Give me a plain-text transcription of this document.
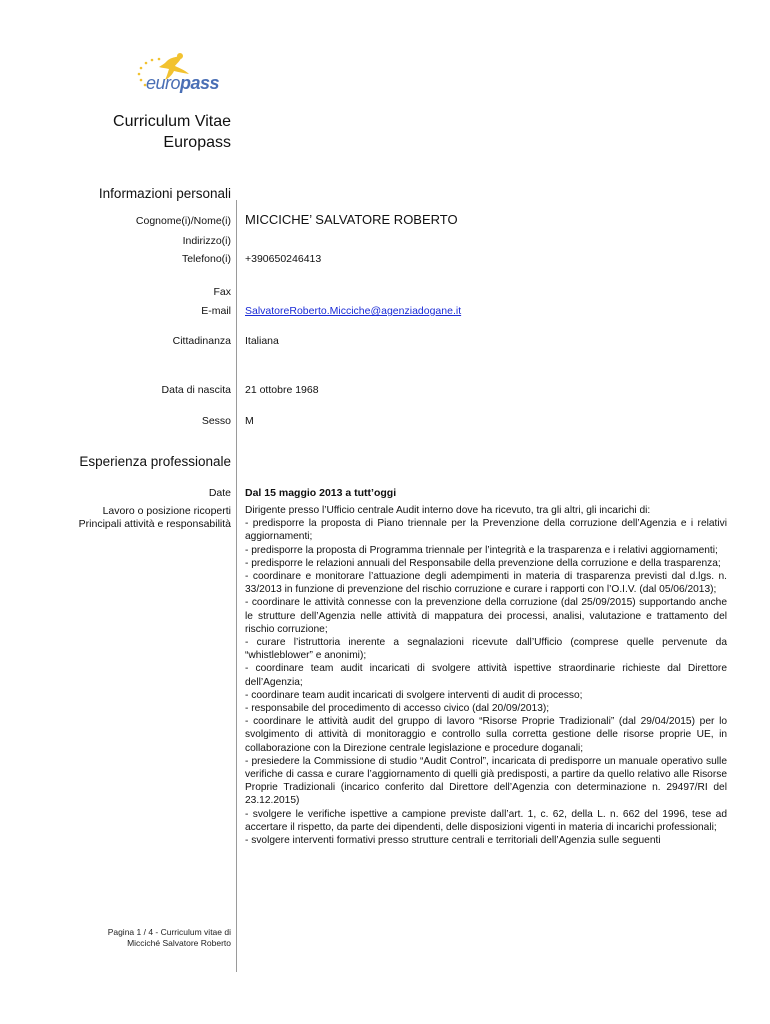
europass
Curriculum Vitae
Europass
Informazioni personali
Cognome(i)/Nome(i) MICCICHE’ SALVATORE ROBERTO
Indirizzo(i)
Telefono(i) +390650246413
Fax
E-mail SalvatoreRoberto.Micciche@agenziadogane.it
Cittadinanza Italiana
Data di nascita 21 ottobre 1968
Sesso M
Esperienza professionale
Date Dal 15 maggio 2013 a tutt’oggi
Lavoro o posizione ricoperti
Principali attività e responsabilità

Dirigente presso l’Ufficio centrale Audit interno dove ha ricevuto, tra gli altri, gli incarichi di:

- predisporre la proposta di Piano triennale per la Prevenzione della corruzione dell’Agenzia e i relativi aggiornamenti;

- predisporre la proposta di Programma triennale per l’integrità e la trasparenza e i relativi aggiornamenti;

- predisporre le relazioni annuali del Responsabile della prevenzione della corruzione e della trasparenza;

- coordinare e monitorare l’attuazione degli adempimenti in materia di trasparenza previsti dal d.lgs. n. 33/2013 in funzione di prevenzione del rischio corruzione e curare i rapporti con l’O.I.V. (dal 05/06/2013);

- coordinare le attività connesse con la prevenzione della corruzione (dal 25/09/2015) supportando anche le strutture dell’Agenzia nelle attività di mappatura dei processi, analisi, valutazione e trattamento del rischio corruzione;

- curare l’istruttoria inerente a segnalazioni ricevute dall’Ufficio (comprese quelle pervenute da “whistleblower” e anonimi);

- coordinare team audit incaricati di svolgere attività ispettive straordinarie richieste dal Direttore dell’Agenzia;

- coordinare team audit incaricati di svolgere interventi di audit di processo;

- responsabile del procedimento di accesso civico (dal 20/09/2013);

- coordinare le attività audit del gruppo di lavoro “Risorse Proprie Tradizionali” (dal 29/04/2015) per lo svolgimento di attività di monitoraggio e controllo sulla corretta gestione delle risorse proprie UE, in collaborazione con la Direzione centrale legislazione e procedure doganali;

- presiedere la Commissione di studio “Audit Control”, incaricata di predisporre un manuale operativo sulle verifiche di cassa e curare l’aggiornamento di quelli già predisposti, a partire da quello relativo alle Risorse Proprie Tradizionali (incarico conferito dal Direttore dell’Agenzia con determinazione n. 29497/RI del 23.12.2015)

- svolgere le verifiche ispettive a campione previste dall’art. 1, c. 62, della L. n. 662 del 1996, tese ad accertare il rispetto, da parte dei dipendenti, delle disposizioni vigenti in materia di incarichi professionali;

- svolgere interventi formativi presso strutture centrali e territoriali dell’Agenzia sulle seguenti

Pagina 1 / 4 - Curriculum vitae di
Micciché Salvatore Roberto
